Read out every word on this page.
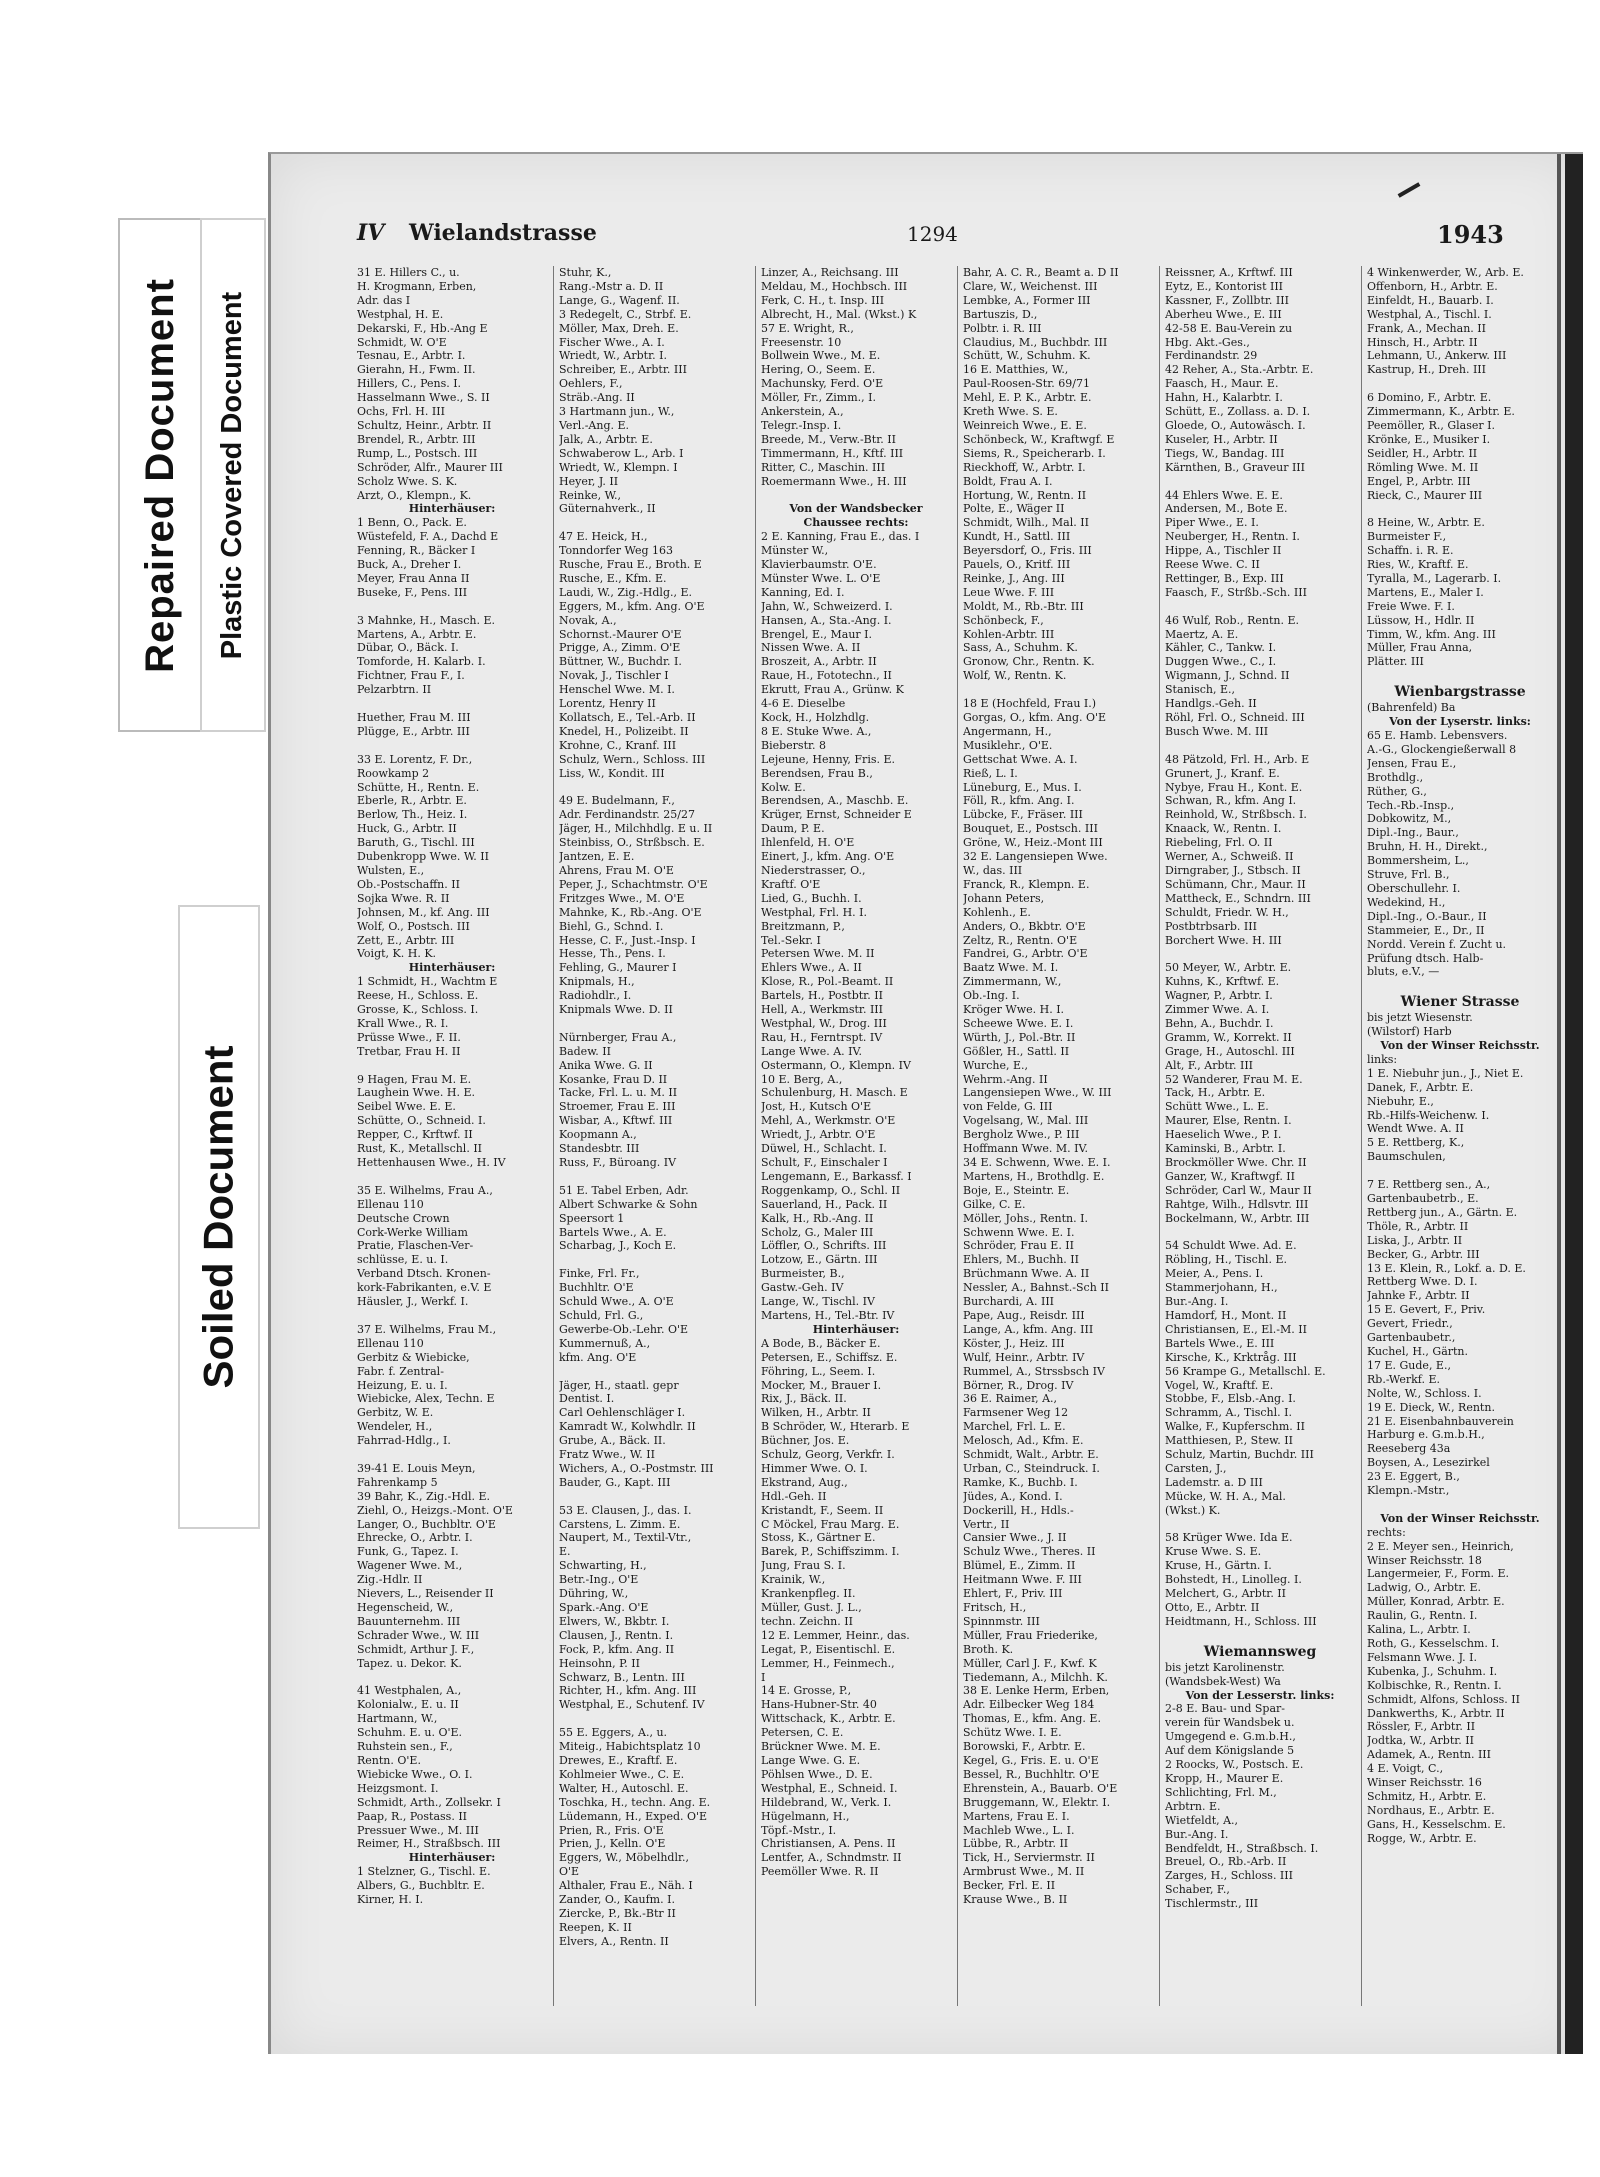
Repaired Document Plastic Covered Document
Soiled Document
IV Wielandstrasse	1294	1943
31 E. Hillers C., u.
H. Krogmann, Erben,
Adr. das I
Westphal, H. E.
Dekarski, F., Hb.-Ang E
Schmidt, W. O'E
Tesnau, E., Arbtr. I.
Gierahn, H., Fwm. II.
Hillers, C., Pens. I.
Hasselmann Wwe., S. II
Ochs, Frl. H. III
Schultz, Heinr., Arbtr. II
Brendel, R., Arbtr. III
Rump, L., Postsch. III
Schröder, Alfr., Maurer III
Scholz Wwe. S. K.
Arzt, O., Klempn., K.
Hinterhäuser:
1 Benn, O., Pack. E.
Wüstefeld, F. A., Dachd E
Fenning, R., Bäcker I
Buck, A., Dreher I.
Meyer, Frau Anna II
Buseke, F., Pens. III

3 Mahnke, H., Masch. E.
Martens, A., Arbtr. E.
Dübar, O., Bäck. I.
Tomforde, H. Kalarb. I.
Fichtner, Frau F., I.
Pelzarbtrn. II

Huether, Frau M. III
Plügge, E., Arbtr. III

33 E. Lorentz, F. Dr.,
Roowkamp 2
Schütte, H., Rentn. E.
Eberle, R., Arbtr. E.
Berlow, Th., Heiz. I.
Huck, G., Arbtr. II
Baruth, G., Tischl. III
Dubenkropp Wwe. W. II
Wulsten, E.,
Ob.-Postschaffn. II
Sojka Wwe. R. II
Johnsen, M., kf. Ang. III
Wolf, O., Postsch. III
Zett, E., Arbtr. III
Voigt, K. H. K.
Hinterhäuser:
1 Schmidt, H., Wachtm E
Reese, H., Schloss. E.
Grosse, K., Schloss. I.
Krall Wwe., R. I.
Prüsse Wwe., F. II.
Tretbar, Frau H. II

9 Hagen, Frau M. E.
Laughein Wwe. H. E.
Seibel Wwe. E. E.
Schütte, O., Schneid. I.
Repper, C., Krftwf. II
Rust, K., Metallschl. II
Hettenhausen Wwe., H. IV

35 E. Wilhelms, Frau A.,
Ellenau 110
Deutsche Crown
Cork-Werke William
Pratie, Flaschen-Ver-
schlüsse, E. u. I.
Verband Dtsch. Kronen-
kork-Fabrikanten, e.V. E
Häusler, J., Werkf. I.

37 E. Wilhelms, Frau M.,
Ellenau 110
Gerbitz & Wiebicke,
Fabr. f. Zentral-
Heizung, E. u. I.
Wiebicke, Alex, Techn. E
Gerbitz, W. E.
Wendeler, H.,
Fahrrad-Hdlg., I.

39-41 E. Louis Meyn,
Fahrenkamp 5
39 Bahr, K., Zig.-Hdl. E.
Ziehl, O., Heizgs.-Mont. O'E
Langer, O., Buchbltr. O'E
Ehrecke, O., Arbtr. I.
Funk, G., Tapez. I.
Wagener Wwe. M.,
Zig.-Hdlr. II
Nievers, L., Reisender II
Hegenscheid, W.,
Bauunternehm. III
Schrader Wwe., W. III
Schmidt, Arthur J. F.,
Tapez. u. Dekor. K.

41 Westphalen, A.,
Kolonialw., E. u. II
Hartmann, W.,
Schuhm. E. u. O'E.
Ruhstein sen., F.,
Rentn. O'E.
Wiebicke Wwe., O. I.
Heizgsmont. I.
Schmidt, Arth., Zollsekr. I
Paap, R., Postass. II
Pressuer Wwe., M. III
Reimer, H., Straßbsch. III
Hinterhäuser:
1 Stelzner, G., Tischl. E.
Albers, G., Buchbltr. E.
Kirner, H. I.
Stuhr, K.,
Rang.-Mstr a. D. II
Lange, G., Wagenf. II.
3 Redegelt, C., Strbf. E.
Möller, Max, Dreh. E.
Fischer Wwe., A. I.
Wriedt, W., Arbtr. I.
Schreiber, E., Arbtr. III
Oehlers, F.,
Sträb.-Ang. II
3 Hartmann jun., W.,
Verl.-Ang. E.
Jalk, A., Arbtr. E.
Schwaberow L., Arb. I
Wriedt, W., Klempn. I
Heyer, J. II
Reinke, W.,
Güternahverk., II

47 E. Heick, H.,
Tonndorfer Weg 163
Rusche, Frau E., Broth. E
Rusche, E., Kfm. E.
Laudi, W., Zig.-Hdlg., E.
Eggers, M., kfm. Ang. O'E
Novak, A.,
Schornst.-Maurer O'E
Prigge, A., Zimm. O'E
Büttner, W., Buchdr. I.
Novak, J., Tischler I
Henschel Wwe. M. I.
Lorentz, Henry II
Kollatsch, E., Tel.-Arb. II
Knedel, H., Polizeibt. II
Krohne, C., Kranf. III
Schulz, Wern., Schloss. III
Liss, W., Kondit. III

49 E. Budelmann, F.,
Adr. Ferdinandstr. 25/27
Jäger, H., Milchhdlg. E u. II
Steinbiss, O., Strßbsch. E.
Jantzen, E. E.
Ahrens, Frau M. O'E
Peper, J., Schachtmstr. O'E
Fritzges Wwe., M. O'E
Mahnke, K., Rb.-Ang. O'E
Biehl, G., Schnd. I.
Hesse, C. F., Just.-Insp. I
Hesse, Th., Pens. I.
Fehling, G., Maurer I
Knipmals, H.,
Radiohdlr., I.
Knipmals Wwe. D. II

Nürnberger, Frau A.,
Badew. II
Anika Wwe. G. II
Kosanke, Frau D. II
Tacke, Frl. L. u. M. II
Stroemer, Frau E. III
Wisbar, A., Kftwf. III
Koopmann A.,
Standesbtr. III
Russ, F., Büroang. IV

51 E. Tabel Erben, Adr.
Albert Schwarke & Sohn
Speersort 1
Bartels Wwe., A. E.
Scharbag, J., Koch E.

Finke, Frl. Fr.,
Buchhltr. O'E
Schuld Wwe., A. O'E
Schuld, Frl. G.,
Gewerbe-Ob.-Lehr. O'E
Kummernuß, A.,
kfm. Ang. O'E

Jäger, H., staatl. gepr
Dentist. I.
Carl Oehlenschläger I.
Kamradt W., Kolwhdlr. II
Grube, A., Bäck. II.
Fratz Wwe., W. II
Wichers, A., O.-Postmstr. III
Bauder, G., Kapt. III

53 E. Clausen, J., das. I.
Carstens, L. Zimm. E.
Naupert, M., Textil-Vtr.,
E.
Schwarting, H.,
Betr.-Ing., O'E
Dühring, W.,
Spark.-Ang. O'E
Elwers, W., Bkbtr. I.
Clausen, J., Rentn. I.
Fock, P., kfm. Ang. II
Heinsohn, P. II
Schwarz, B., Lentn. III
Richter, H., kfm. Ang. III
Westphal, E., Schutenf. IV

55 E. Eggers, A., u.
Miteig., Habichtsplatz 10
Drewes, E., Kraftf. E.
Kohlmeier Wwe., C. E.
Walter, H., Autoschl. E.
Toschka, H., techn. Ang. E.
Lüdemann, H., Exped. O'E
Prien, R., Fris. O'E
Prien, J., Kelln. O'E
Eggers, W., Möbelhdlr.,
O'E
Althaler, Frau E., Näh. I
Zander, O., Kaufm. I.
Ziercke, P., Bk.-Btr II
Reepen, K. II
Elvers, A., Rentn. II
Linzer, A., Reichsang. III
Meldau, M., Hochbsch. III
Ferk, C. H., t. Insp. III
Albrecht, H., Mal. (Wkst.) K
57 E. Wright, R.,
Freesenstr. 10
Bollwein Wwe., M. E.
Hering, O., Seem. E.
Machunsky, Ferd. O'E
Möller, Fr., Zimm., I.
Ankerstein, A.,
Telegr.-Insp. I.
Breede, M., Verw.-Btr. II
Timmermann, H., Kftf. III
Ritter, C., Maschin. III
Roemermann Wwe., H. III

Von der Wandsbecker
Chaussee rechts:
2 E. Kanning, Frau E., das. I
Münster W.,
Klavierbaumstr. O'E.
Münster Wwe. L. O'E
Kanning, Ed. I.
Jahn, W., Schweizerd. I.
Hansen, A., Sta.-Ang. I.
Brengel, E., Maur I.
Nissen Wwe. A. II
Broszeit, A., Arbtr. II
Raue, H., Fototechn., II
Ekrutt, Frau A., Grünw. K
4-6 E. Dieselbe
Kock, H., Holzhdlg.
8 E. Stuke Wwe. A.,
Bieberstr. 8
Lejeune, Henny, Fris. E.
Berendsen, Frau B.,
Kolw. E.
Berendsen, A., Maschb. E.
Krüger, Ernst, Schneider E
Daum, P. E.
Ihlenfeld, H. O'E
Einert, J., kfm. Ang. O'E
Niederstrasser, O.,
Kraftf. O'E
Lied, G., Buchh. I.
Westphal, Frl. H. I.
Breitzmann, P.,
Tel.-Sekr. I
Petersen Wwe. M. II
Ehlers Wwe., A. II
Klose, R., Pol.-Beamt. II
Bartels, H., Postbtr. II
Hell, A., Werkmstr. III
Westphal, W., Drog. III
Rau, H., Ferntrspt. IV
Lange Wwe. A. IV.
Ostermann, O., Klempn. IV
10 E. Berg, A.,
Schulenburg, H. Masch. E
Jost, H., Kutsch O'E
Mehl, A., Werkmstr. O'E
Wriedt, J., Arbtr. O'E
Düwel, H., Schlacht. I.
Schult, F., Einschaler I
Lengemann, E., Barkassf. I
Roggenkamp, O., Schl. II
Sauerland, H., Pack. II
Kalk, H., Rb.-Ang. II
Scholz, G., Maler III
Löffler, O., Schrifts. III
Lotzow, E., Gärtn. III
Burmeister, B.,
Gastw.-Geh. IV
Lange, W., Tischl. IV
Martens, H., Tel.-Btr. IV
Hinterhäuser:
A Bode, B., Bäcker E.
Petersen, E., Schiffsz. E.
Föhring, L., Seem. I.
Mocker, M., Brauer I.
Rix, J., Bäck. II.
Wilken, H., Arbtr. II
B Schröder, W., Hterarb. E
Büchner, Jos. E.
Schulz, Georg, Verkfr. I.
Himmer Wwe. O. I.
Ekstrand, Aug.,
Hdl.-Geh. II
Kristandt, F., Seem. II
C Möckel, Frau Marg. E.
Stoss, K., Gärtner E.
Barek, P., Schiffszimm. I.
Jung, Frau S. I.
Krainik, W.,
Krankenpfleg. II.
Müller, Gust. J. L.,
techn. Zeichn. II
12 E. Lemmer, Heinr., das.
Legat, P., Eisentischl. E.
Lemmer, H., Feinmech.,
I
14 E. Grosse, P.,
Hans-Hubner-Str. 40
Wittschack, K., Arbtr. E.
Petersen, C. E.
Brückner Wwe. M. E.
Lange Wwe. G. E.
Pöhlsen Wwe., D. E.
Westphal, E., Schneid. I.
Hildebrand, W., Verk. I.
Hügelmann, H.,
Töpf.-Mstr., I.
Christiansen, A. Pens. II
Lentfer, A., Schndmstr. II
Peemöller Wwe. R. II
Bahr, A. C. R., Beamt a. D II
Clare, W., Weichenst. III
Lembke, A., Former III
Bartuszis, D.,
Polbtr. i. R. III
Claudius, M., Buchbdr. III
Schütt, W., Schuhm. K.
16 E. Matthies, W.,
Paul-Roosen-Str. 69/71
Mehl, E. P. K., Arbtr. E.
Kreth Wwe. S. E.
Weinreich Wwe., E. E.
Schönbeck, W., Kraftwgf. E
Siems, R., Speicherarb. I.
Rieckhoff, W., Arbtr. I.
Boldt, Frau A. I.
Hortung, W., Rentn. II
Polte, E., Wäger II
Schmidt, Wilh., Mal. II
Kundt, H., Sattl. III
Beyersdorf, O., Fris. III
Pauels, O., Kritf. III
Reinke, J., Ang. III
Leue Wwe. F. III
Moldt, M., Rb.-Btr. III
Schönbeck, F.,
Kohlen-Arbtr. III
Sass, A., Schuhm. K.
Gronow, Chr., Rentn. K.
Wolf, W., Rentn. K.

18 E (Hochfeld, Frau I.)
Gorgas, O., kfm. Ang. O'E
Angermann, H.,
Musiklehr., O'E.
Gettschat Wwe. A. I.
Rieß, L. I.
Lüneburg, E., Mus. I.
Föll, R., kfm. Ang. I.
Lübcke, F., Fräser. III
Bouquet, E., Postsch. III
Gröne, W., Heiz.-Mont III
32 E. Langensiepen Wwe.
W., das. III
Franck, R., Klempn. E.
Johann Peters,
Kohlenh., E.
Anders, O., Bkbtr. O'E
Zeltz, R., Rentn. O'E
Fandrei, G., Arbtr. O'E
Baatz Wwe. M. I.
Zimmermann, W.,
Ob.-Ing. I.
Kröger Wwe. H. I.
Scheewe Wwe. E. I.
Würth, J., Pol.-Btr. II
Gößler, H., Sattl. II
Wurche, E.,
Wehrm.-Ang. II
Langensiepen Wwe., W. III
von Felde, G. III
Vogelsang, W., Mal. III
Bergholz Wwe., P. III
Hoffmann Wwe. M. IV.
34 E. Schwenn, Wwe. E. I.
Martens, H., Brothdlg. E.
Boje, E., Steintr. E.
Gilke, C. E.
Möller, Johs., Rentn. I.
Schwenn Wwe. E. I.
Schröder, Frau E. II
Ehlers, M., Buchh. II
Brüchmann Wwe. A. II
Nessler, A., Bahnst.-Sch II
Burchardi, A. III
Pape, Aug., Reisdr. III
Lange, A., kfm. Ang. III
Köster, J., Heiz. III
Wulf, Heinr., Arbtr. IV
Rummel, A., Strssbsch IV
Börner, R., Drog. IV
36 E. Raimer, A.,
Farmsener Weg 12
Marchel, Frl. L. E.
Melosch, Ad., Kfm. E.
Schmidt, Walt., Arbtr. E.
Urban, C., Steindruck. I.
Ramke, K., Buchb. I.
Jüdes, A., Kond. I.
Dockerill, H., Hdls.-
Vertr., II
Cansier Wwe., J. II
Schulz Wwe., Theres. II
Blümel, E., Zimm. II
Heitmann Wwe. F. III
Ehlert, F., Priv. III
Fritsch, H.,
Spinnmstr. III
Müller, Frau Friederike,
Broth. K.
Müller, Carl J. F., Kwf. K
Tiedemann, A., Milchh. K.
38 E. Lenke Herm, Erben,
Adr. Eilbecker Weg 184
Thomas, E., kfm. Ang. E.
Schütz Wwe. I. E.
Borowski, F., Arbtr. E.
Kegel, G., Fris. E. u. O'E
Bessel, R., Buchhltr. O'E
Ehrenstein, A., Bauarb. O'E
Bruggemann, W., Elektr. I.
Martens, Frau E. I.
Machleb Wwe., L. I.
Lübbe, R., Arbtr. II
Tick, H., Serviermstr. II
Armbrust Wwe., M. II
Becker, Frl. E. II
Krause Wwe., B. II
Reissner, A., Krftwf. III
Eytz, E., Kontorist III
Kassner, F., Zollbtr. III
Aberheu Wwe., E. III
42-58 E. Bau-Verein zu
Hbg. Akt.-Ges.,
Ferdinandstr. 29
42 Reher, A., Sta.-Arbtr. E.
Faasch, H., Maur. E.
Hahn, H., Kalarbtr. I.
Schütt, E., Zollass. a. D. I.
Gloede, O., Autowäsch. I.
Kuseler, H., Arbtr. II
Tiegs, W., Bandag. III
Kärnthen, B., Graveur III

44 Ehlers Wwe. E. E.
Andersen, M., Bote E.
Piper Wwe., E. I.
Neuberger, H., Rentn. I.
Hippe, A., Tischler II
Reese Wwe. C. II
Rettinger, B., Exp. III
Faasch, F., Strßb.-Sch. III

46 Wulf, Rob., Rentn. E.
Maertz, A. E.
Kähler, C., Tankw. I.
Duggen Wwe., C., I.
Wigmann, J., Schnd. II
Stanisch, E.,
Handlgs.-Geh. II
Röhl, Frl. O., Schneid. III
Busch Wwe. M. III

48 Pätzold, Frl. H., Arb. E
Grunert, J., Kranf. E.
Nybye, Frau H., Kont. E.
Schwan, R., kfm. Ang I.
Reinhold, W., Strßbsch. I.
Knaack, W., Rentn. I.
Riebeling, Frl. O. II
Werner, A., Schweiß. II
Dirngraber, J., Stbsch. II
Schümann, Chr., Maur. II
Mattheck, E., Schndrn. III
Schuldt, Friedr. W. H.,
Postbtrbsarb. III
Borchert Wwe. H. III

50 Meyer, W., Arbtr. E.
Kuhns, K., Krftwf. E.
Wagner, P., Arbtr. I.
Zimmer Wwe. A. I.
Behn, A., Buchdr. I.
Gramm, W., Korrekt. II
Grage, H., Autoschl. III
Alt, F., Arbtr. III
52 Wanderer, Frau M. E.
Tack, H., Arbtr. E.
Schütt Wwe., L. E.
Maurer, Else, Rentn. I.
Haeselich Wwe., P. I.
Kaminski, B., Arbtr. I.
Brockmöller Wwe. Chr. II
Ganzer, W., Kraftwgf. II
Schröder, Carl W., Maur II
Rahtge, Wilh., Hdlsvtr. III
Bockelmann, W., Arbtr. III

54 Schuldt Wwe. Ad. E.
Röbling, H., Tischl. E.
Meier, A., Pens. I.
Stammerjohann, H.,
Bur.-Ang. I.
Hamdorf, H., Mont. II
Christiansen, E., El.-M. II
Bartels Wwe., E. III
Kirsche, K., Krktråg. III
56 Krampe G., Metallschl. E.
Vogel, W., Kraftf. E.
Stobbe, F., Elsb.-Ang. I.
Schramm, A., Tischl. I.
Walke, F., Kupferschm. II
Matthiesen, P., Stew. II
Schulz, Martin, Buchdr. III
Carsten, J.,
Lademstr. a. D III
Mücke, W. H. A., Mal.
(Wkst.) K.

58 Krüger Wwe. Ida E.
Kruse Wwe. S. E.
Kruse, H., Gärtn. I.
Bohstedt, H., Linolleg. I.
Melchert, G., Arbtr. II
Otto, E., Arbtr. II
Heidtmann, H., Schloss. III

Wiemannsweg
bis jetzt Karolinenstr.
(Wandsbek-West) Wa
Von der Lesserstr. links:
2-8 E. Bau- und Spar-
verein für Wandsbek u.
Umgegend e. G.m.b.H.,
Auf dem Königslande 5
2 Roocks, W., Postsch. E.
Kropp, H., Maurer E.
Schlichting, Frl. M.,
Arbtrn. E.
Wietfeldt, A.,
Bur.-Ang. I.
Bendfeldt, H., Straßbsch. I.
Breuel, O., Rb.-Arb. II
Zarges, H., Schloss. III
Schaber, F.,
Tischlermstr., III
4 Winkenwerder, W., Arb. E.
Offenborn, H., Arbtr. E.
Einfeldt, H., Bauarb. I.
Westphal, A., Tischl. I.
Frank, A., Mechan. II
Hinsch, H., Arbtr. II
Lehmann, U., Ankerw. III
Kastrup, H., Dreh. III

6 Domino, F., Arbtr. E.
Zimmermann, K., Arbtr. E.
Peemöller, R., Glaser I.
Krönke, E., Musiker I.
Seidler, H., Arbtr. II
Römling Wwe. M. II
Engel, P., Arbtr. III
Rieck, C., Maurer III

8 Heine, W., Arbtr. E.
Burmeister F.,
Schaffn. i. R. E.
Ries, W., Kraftf. E.
Tyralla, M., Lagerarb. I.
Martens, E., Maler I.
Freie Wwe. F. I.
Lüssow, H., Hdlr. II
Timm, W., kfm. Ang. III
Müller, Frau Anna,
Plätter. III

Wienbargstrasse
(Bahrenfeld) Ba
Von der Lyserstr. links:
65 E. Hamb. Lebensvers.
A.-G., Glockengießerwall 8
Jensen, Frau E.,
Brothdlg.,
Rüther, G.,
Tech.-Rb.-Insp.,
Dobkowitz, M.,
Dipl.-Ing., Baur.,
Bruhn, H. H., Direkt.,
Bommersheim, L.,
Struve, Frl. B.,
Oberschullehr. I.
Wedekind, H.,
Dipl.-Ing., O.-Baur., II
Stammeier, E., Dr., II
Nordd. Verein f. Zucht u.
Prüfung dtsch. Halb-
bluts, e.V., —

Wiener Strasse
bis jetzt Wiesenstr.
(Wilstorf) Harb
Von der Winser Reichsstr.
links:
1 E. Niebuhr jun., J., Niet E.
Danek, F., Arbtr. E.
Niebuhr, E.,
Rb.-Hilfs-Weichenw. I.
Wendt Wwe. A. II
5 E. Rettberg, K.,
Baumschulen,

7 E. Rettberg sen., A.,
Gartenbaubetrb., E.
Rettberg jun., A., Gärtn. E.
Thöle, R., Arbtr. II
Liska, J., Arbtr. II
Becker, G., Arbtr. III
13 E. Klein, R., Lokf. a. D. E.
Rettberg Wwe. D. I.
Jahnke F., Arbtr. II
15 E. Gevert, F., Priv.
Gevert, Friedr.,
Gartenbaubetr.,
Kuchel, H., Gärtn.
17 E. Gude, E.,
Rb.-Werkf. E.
Nolte, W., Schloss. I.
19 E. Dieck, W., Rentn.
21 E. Eisenbahnbauverein
Harburg e. G.m.b.H.,
Reeseberg 43a
Boysen, A., Lesezirkel
23 E. Eggert, B.,
Klempn.-Mstr.,

Von der Winser Reichsstr.
rechts:
2 E. Meyer sen., Heinrich,
Winser Reichsstr. 18
Langermeier, F., Form. E.
Ladwig, O., Arbtr. E.
Müller, Konrad, Arbtr. E.
Raulin, G., Rentn. I.
Kalina, L., Arbtr. I.
Roth, G., Kesselschm. I.
Felsmann Wwe. J. I.
Kubenka, J., Schuhm. I.
Kolbischke, R., Rentn. I.
Schmidt, Alfons, Schloss. II
Dankwerths, K., Arbtr. II
Rössler, F., Arbtr. II
Jodtka, W., Arbtr. II
Adamek, A., Rentn. III
4 E. Voigt, C.,
Winser Reichsstr. 16
Schmitz, H., Arbtr. E.
Nordhaus, E., Arbtr. E.
Gans, H., Kesselschm. E.
Rogge, W., Arbtr. E.
